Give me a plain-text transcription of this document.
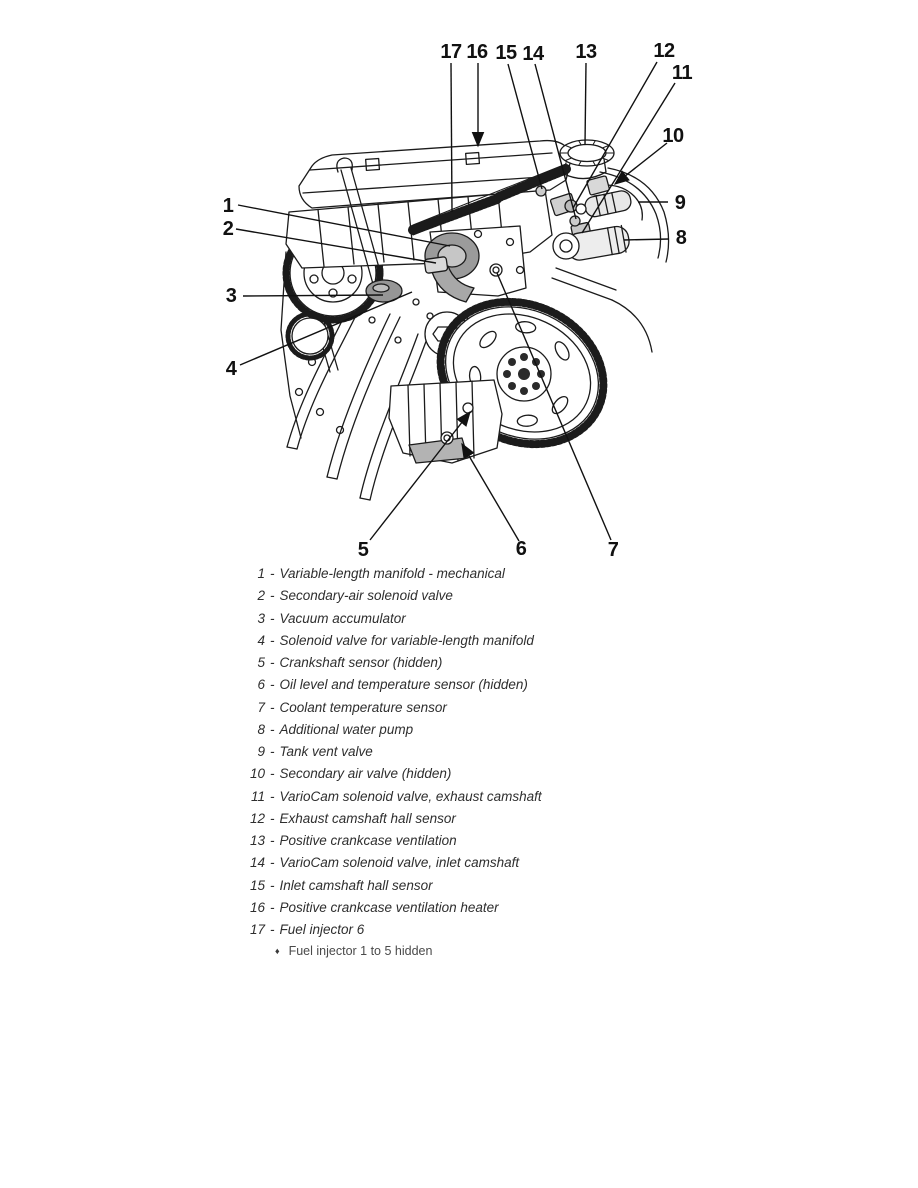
1
2
3
4
5	6	7
8
9
10
11
12
13
14
15
16
17
1 - Variable-length manifold - mechanical
2 - Secondary-air solenoid valve
3 - Vacuum accumulator
4 - Solenoid valve for variable-length manifold
5 - Crankshaft sensor (hidden)
6 - Oil level and temperature sensor (hidden)
7 - Coolant temperature sensor
8 - Additional water pump
9 - Tank vent valve
10 - Secondary air valve (hidden)
11 - VarioCam solenoid valve, exhaust camshaft
12 - Exhaust camshaft hall sensor
13 - Positive crankcase ventilation
14 - VarioCam solenoid valve, inlet camshaft
15 - Inlet camshaft hall sensor
16 - Positive crankcase ventilation heater
17 - Fuel injector 6
♦ Fuel injector 1 to 5 hidden
